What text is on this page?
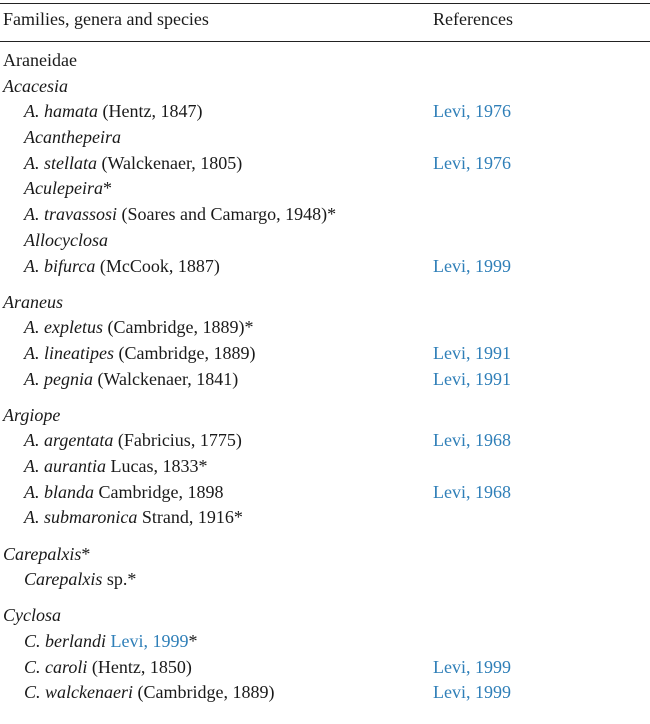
Families, genera and species	References
Araneidae
Acacesia
A. hamata (Hentz, 1847)	Levi, 1976
Acanthepeira
A. stellata (Walckenaer, 1805)	Levi, 1976
Aculepeira*
A. travassosi (Soares and Camargo, 1948)*
Allocyclosa
A. bifurca (McCook, 1887)	Levi, 1999
Araneus
A. expletus (Cambridge, 1889)*
A. lineatipes (Cambridge, 1889)	Levi, 1991
A. pegnia (Walckenaer, 1841)	Levi, 1991
Argiope
A. argentata (Fabricius, 1775)	Levi, 1968
A. aurantia Lucas, 1833*
A. blanda Cambridge, 1898	Levi, 1968
A. submaronica Strand, 1916*
Carepalxis*
Carepalxis sp.*
Cyclosa
C. berlandi Levi, 1999*
C. caroli (Hentz, 1850)	Levi, 1999
C. walckenaeri (Cambridge, 1889)	Levi, 1999
